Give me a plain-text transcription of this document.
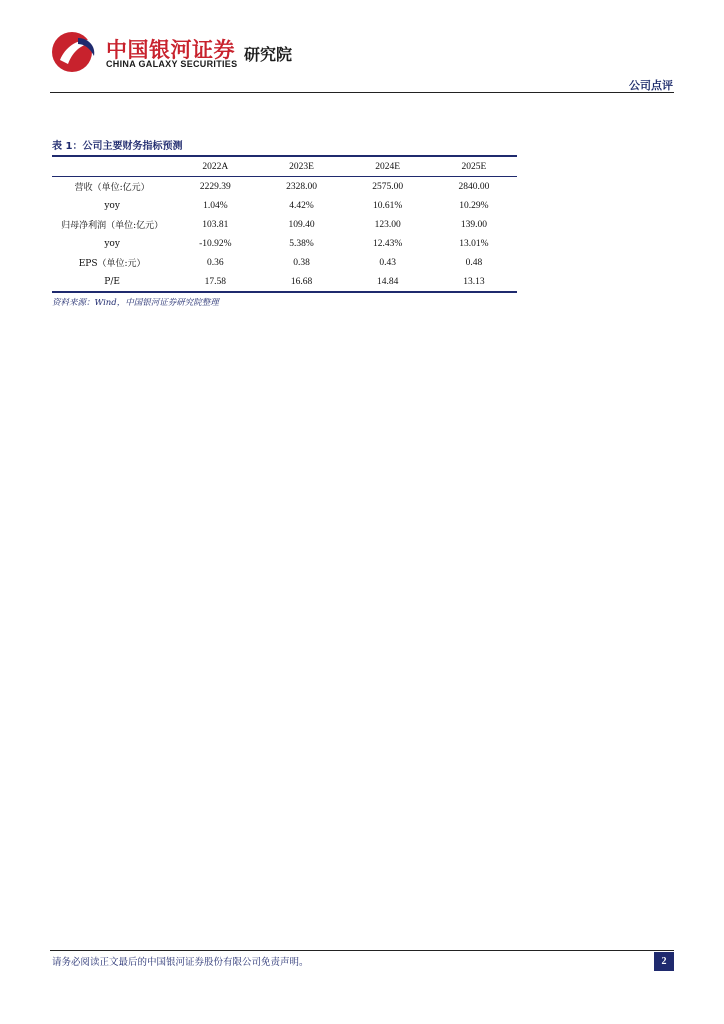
中国银河证券 研究院
CHINA GALAXY SECURITIES
公司点评
表 1：公司主要财务指标预测
	2022A	2023E	2024E	2025E
营收（单位:亿元）	2229.39	2328.00	2575.00	2840.00
yoy	1.04%	4.42%	10.61%	10.29%
归母净利润（单位:亿元）	103.81	109.40	123.00	139.00
yoy	-10.92%	5.38%	12.43%	13.01%
EPS（单位:元）	0.36	0.38	0.43	0.48
P/E	17.58	16.68	14.84	13.13
资料来源：Wind，中国银河证券研究院整理
请务必阅读正文最后的中国银河证券股份有限公司免责声明。	2
